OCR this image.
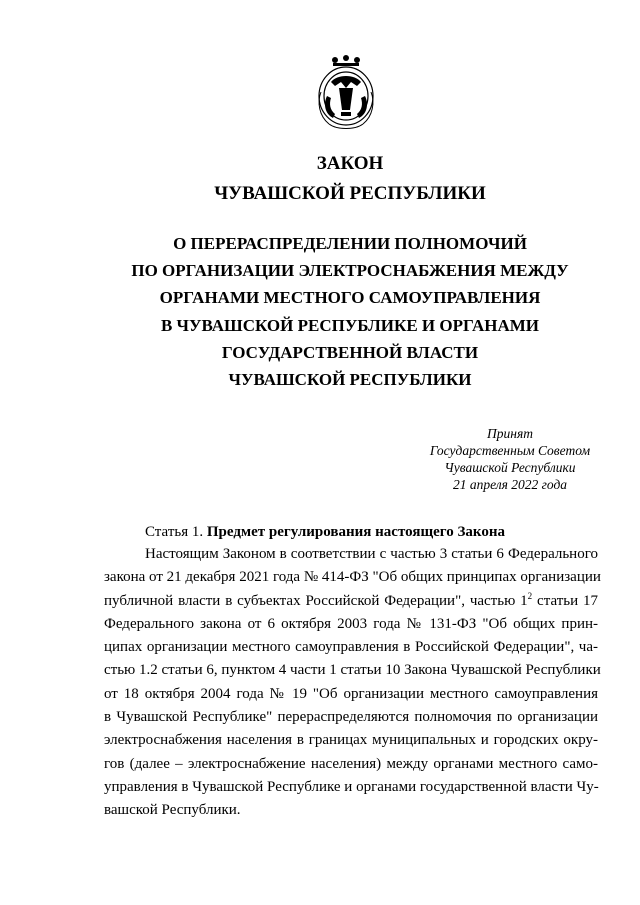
ЗАКОН

ЧУВАШСКОЙ РЕСПУБЛИКИ

О ПЕРЕРАСПРЕДЕЛЕНИИ ПОЛНОМОЧИЙ
ПО ОРГАНИЗАЦИИ ЭЛЕКТРОСНАБЖЕНИЯ МЕЖДУ
ОРГАНАМИ МЕСТНОГО САМОУПРАВЛЕНИЯ
В ЧУВАШСКОЙ РЕСПУБЛИКЕ И ОРГАНАМИ
ГОСУДАРСТВЕННОЙ ВЛАСТИ
ЧУВАШСКОЙ РЕСПУБЛИКИ

Принят
Государственным Советом
Чувашской Республики
21 апреля 2022 года
Статья 1. Предмет регулирования настоящего Закона
Настоящим Законом в соответствии с частью 3 статьи 6 Федерального
закона от 21 декабря 2021 года № 414-ФЗ "Об общих принципах организации
публичной власти в субъектах Российской Федерации", частью $1^2$ статьи 17
Федерального закона от 6 октября 2003 года № 131-ФЗ "Об общих прин-
ципах организации местного самоуправления в Российской Федерации", ча-
стью 1.2 статьи 6, пунктом 4 части 1 статьи 10 Закона Чувашской Республики
от 18 октября 2004 года № 19 "Об организации местного самоуправления
в Чувашской Республике" перераспределяются полномочия по организации
электроснабжения населения в границах муниципальных и городских окру-
гов (далее – электроснабжение населения) между органами местного само-
управления в Чувашской Республике и органами государственной власти Чу-
вашской Республики.
